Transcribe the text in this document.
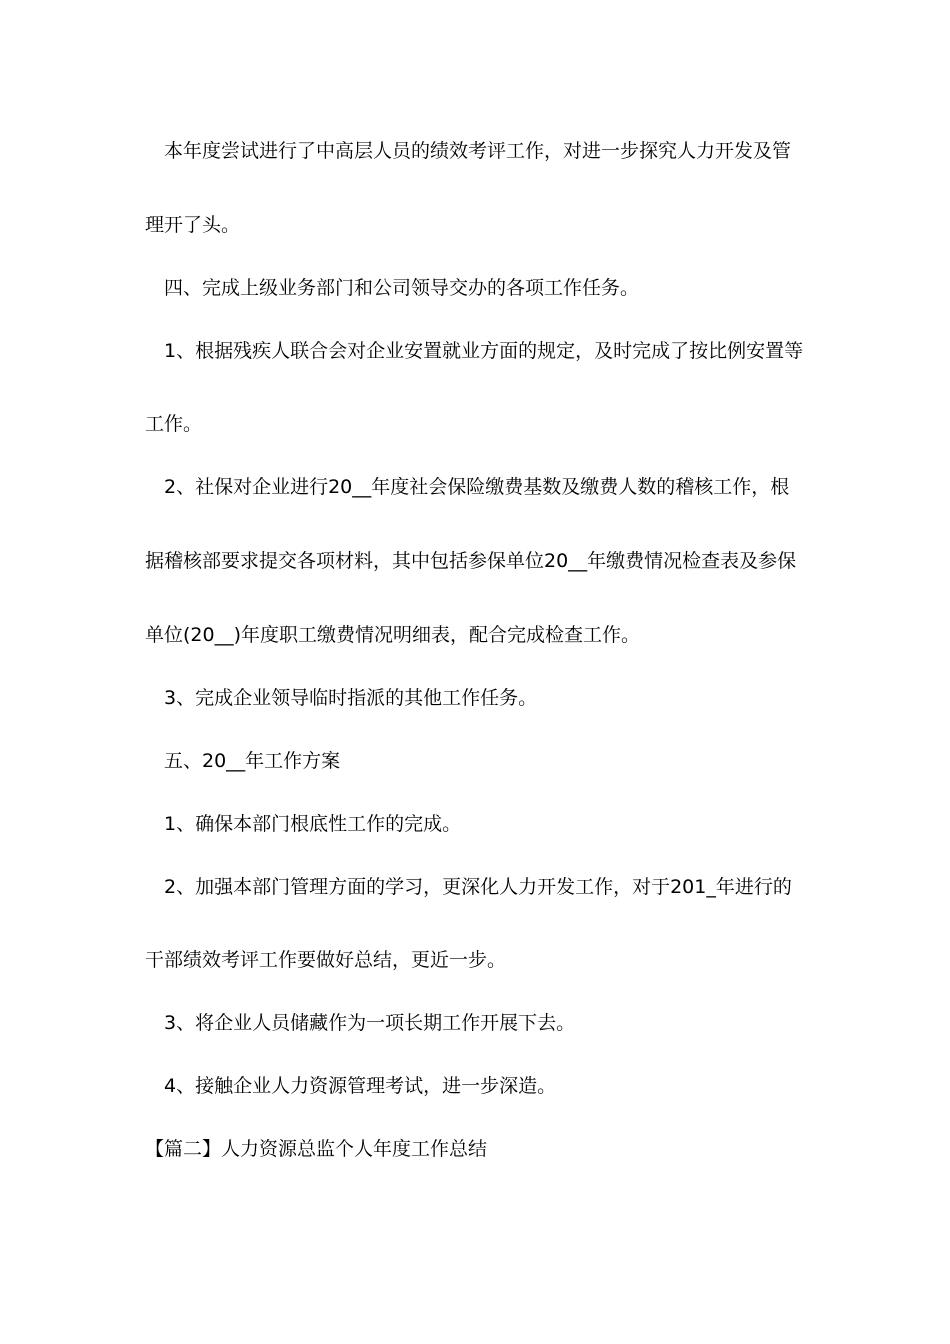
本年度尝试进行了中高层人员的绩效考评工作，对进一步探究人力开发及管
理开了头。
四、完成上级业务部门和公司领导交办的各项工作任务。
1、根据残疾人联合会对企业安置就业方面的规定，及时完成了按比例安置等
工作。
2、社保对企业进行20__年度社会保险缴费基数及缴费人数的稽核工作，根
据稽核部要求提交各项材料，其中包括参保单位20__年缴费情况检查表及参保
单位(20__)年度职工缴费情况明细表，配合完成检查工作。
3、完成企业领导临时指派的其他工作任务。
五、20__年工作方案
1、确保本部门根底性工作的完成。
2、加强本部门管理方面的学习，更深化人力开发工作，对于201_年进行的
干部绩效考评工作要做好总结，更近一步。
3、将企业人员储藏作为一项长期工作开展下去。
4、接触企业人力资源管理考试，进一步深造。
【篇二】人力资源总监个人年度工作总结
